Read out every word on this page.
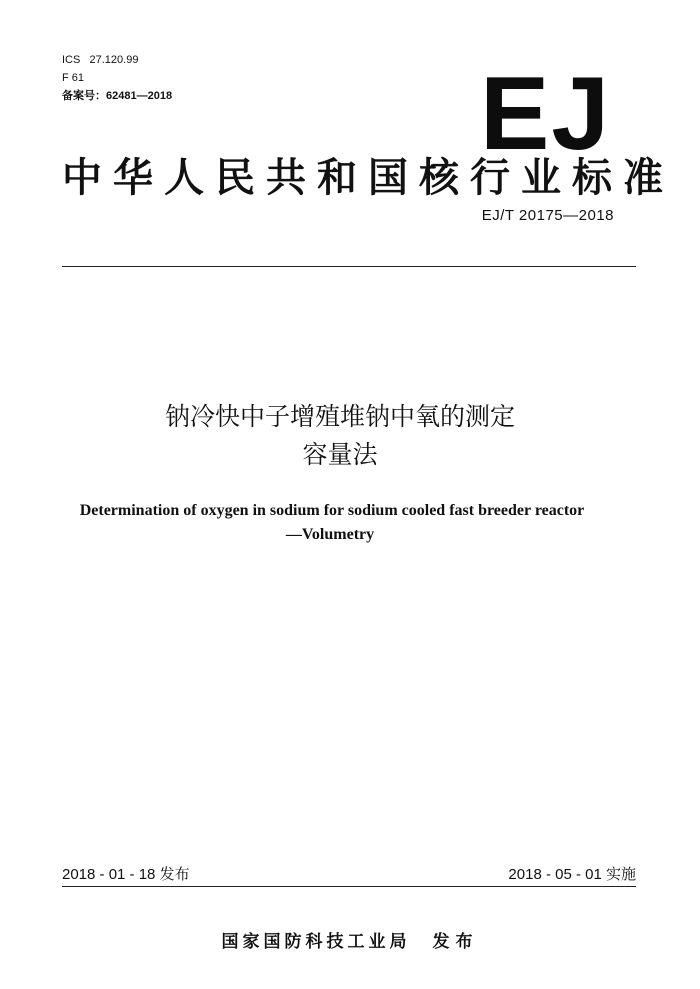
ICS   27.120.99
F 61
备案号：62481—2018	EJ
中华人民共和国核行业标准
EJ/T 20175—2018
钠冷快中子增殖堆钠中氧的测定
容量法
Determination of oxygen in sodium for sodium cooled fast breeder reactor
—Volumetry
2018 - 01 - 18 发布	2018 - 05 - 01 实施
国家国防科技工业局 发布
